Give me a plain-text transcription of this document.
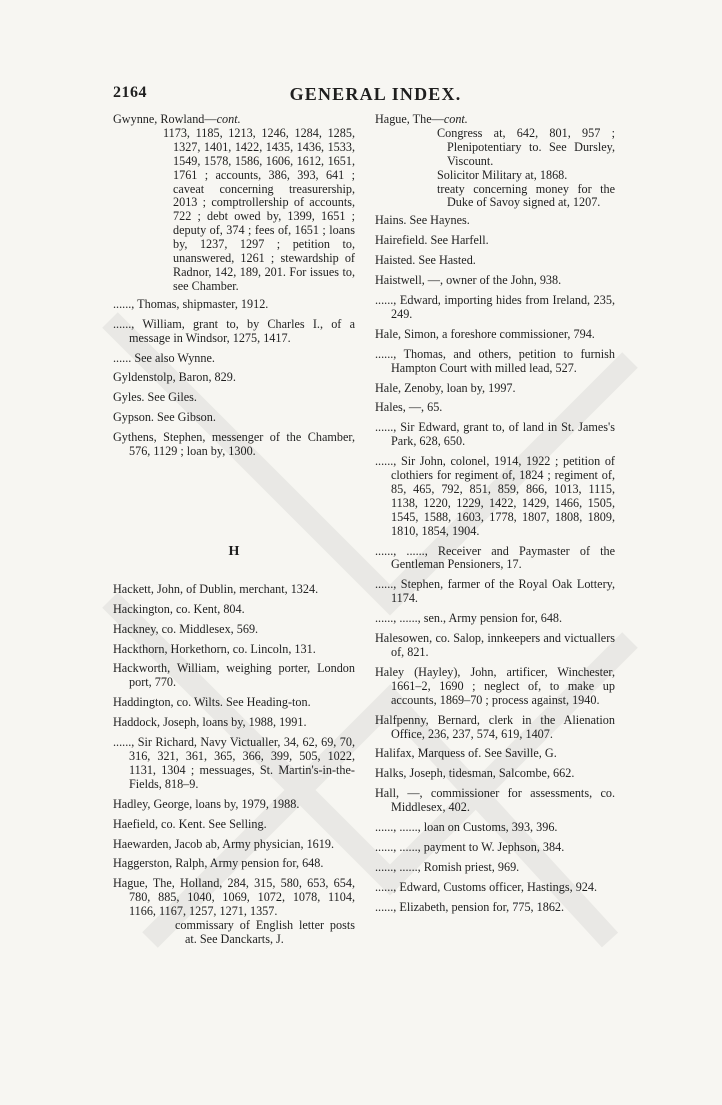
2164	GENERAL INDEX.
Gwynne, Rowland—cont.
1173, 1185, 1213, 1246, 1284, 1285, 1327, 1401, 1422, 1435, 1436, 1533, 1549, 1578, 1586, 1606, 1612, 1651, 1761 ; accounts, 386, 393, 641 ; caveat concerning treasurership, 2013 ; comptrollership of accounts, 722 ; debt owed by, 1399, 1651 ; deputy of, 374 ; fees of, 1651 ; loans by, 1237, 1297 ; petition to, unanswered, 1261 ; stewardship of Radnor, 142, 189, 201. For issues to, see Chamber.
......, Thomas, shipmaster, 1912.
......, William, grant to, by Charles I., of a message in Windsor, 1275, 1417.
...... See also Wynne.
Gyldenstolp, Baron, 829.
Gyles. See Giles.
Gypson. See Gibson.
Gythens, Stephen, messenger of the Chamber, 576, 1129 ; loan by, 1300.
H
Hackett, John, of Dublin, merchant, 1324.
Hackington, co. Kent, 804.
Hackney, co. Middlesex, 569.
Hackthorn, Horkethorn, co. Lincoln, 131.
Hackworth, William, weighing porter, London port, 770.
Haddington, co. Wilts. See Heading-ton.
Haddock, Joseph, loans by, 1988, 1991.
......, Sir Richard, Navy Victualler, 34, 62, 69, 70, 316, 321, 361, 365, 366, 399, 505, 1022, 1131, 1304 ; messuages, St. Martin's-in-the-Fields, 818–9.
Hadley, George, loans by, 1979, 1988.
Haefield, co. Kent. See Selling.
Haewarden, Jacob ab, Army physician, 1619.
Haggerston, Ralph, Army pension for, 648.
Hague, The, Holland, 284, 315, 580, 653, 654, 780, 885, 1040, 1069, 1072, 1078, 1104, 1166, 1167, 1257, 1271, 1357.
commissary of English letter posts at. See Danckarts, J.
Hague, The—cont.
Congress at, 642, 801, 957 ; Plenipotentiary to. See Dursley, Viscount.
Solicitor Military at, 1868.
treaty concerning money for the Duke of Savoy signed at, 1207.
Hains. See Haynes.
Hairefield. See Harfell.
Haisted. See Hasted.
Haistwell, —, owner of the John, 938.
......, Edward, importing hides from Ireland, 235, 249.
Hale, Simon, a foreshore commissioner, 794.
......, Thomas, and others, petition to furnish Hampton Court with milled lead, 527.
Hale, Zenoby, loan by, 1997.
Hales, —, 65.
......, Sir Edward, grant to, of land in St. James's Park, 628, 650.
......, Sir John, colonel, 1914, 1922 ; petition of clothiers for regiment of, 1824 ; regiment of, 85, 465, 792, 851, 859, 866, 1013, 1115, 1138, 1220, 1229, 1422, 1429, 1466, 1505, 1545, 1588, 1603, 1778, 1807, 1808, 1809, 1810, 1854, 1904.
......, ......, Receiver and Paymaster of the Gentleman Pensioners, 17.
......, Stephen, farmer of the Royal Oak Lottery, 1174.
......, ......, sen., Army pension for, 648.
Halesowen, co. Salop, innkeepers and victuallers of, 821.
Haley (Hayley), John, artificer, Winchester, 1661–2, 1690 ; neglect of, to make up accounts, 1869–70 ; process against, 1940.
Halfpenny, Bernard, clerk in the Alienation Office, 236, 237, 574, 619, 1407.
Halifax, Marquess of. See Saville, G.
Halks, Joseph, tidesman, Salcombe, 662.
Hall, —, commissioner for assessments, co. Middlesex, 402.
......, ......, loan on Customs, 393, 396.
......, ......, payment to W. Jephson, 384.
......, ......, Romish priest, 969.
......, Edward, Customs officer, Hastings, 924.
......, Elizabeth, pension for, 775, 1862.
